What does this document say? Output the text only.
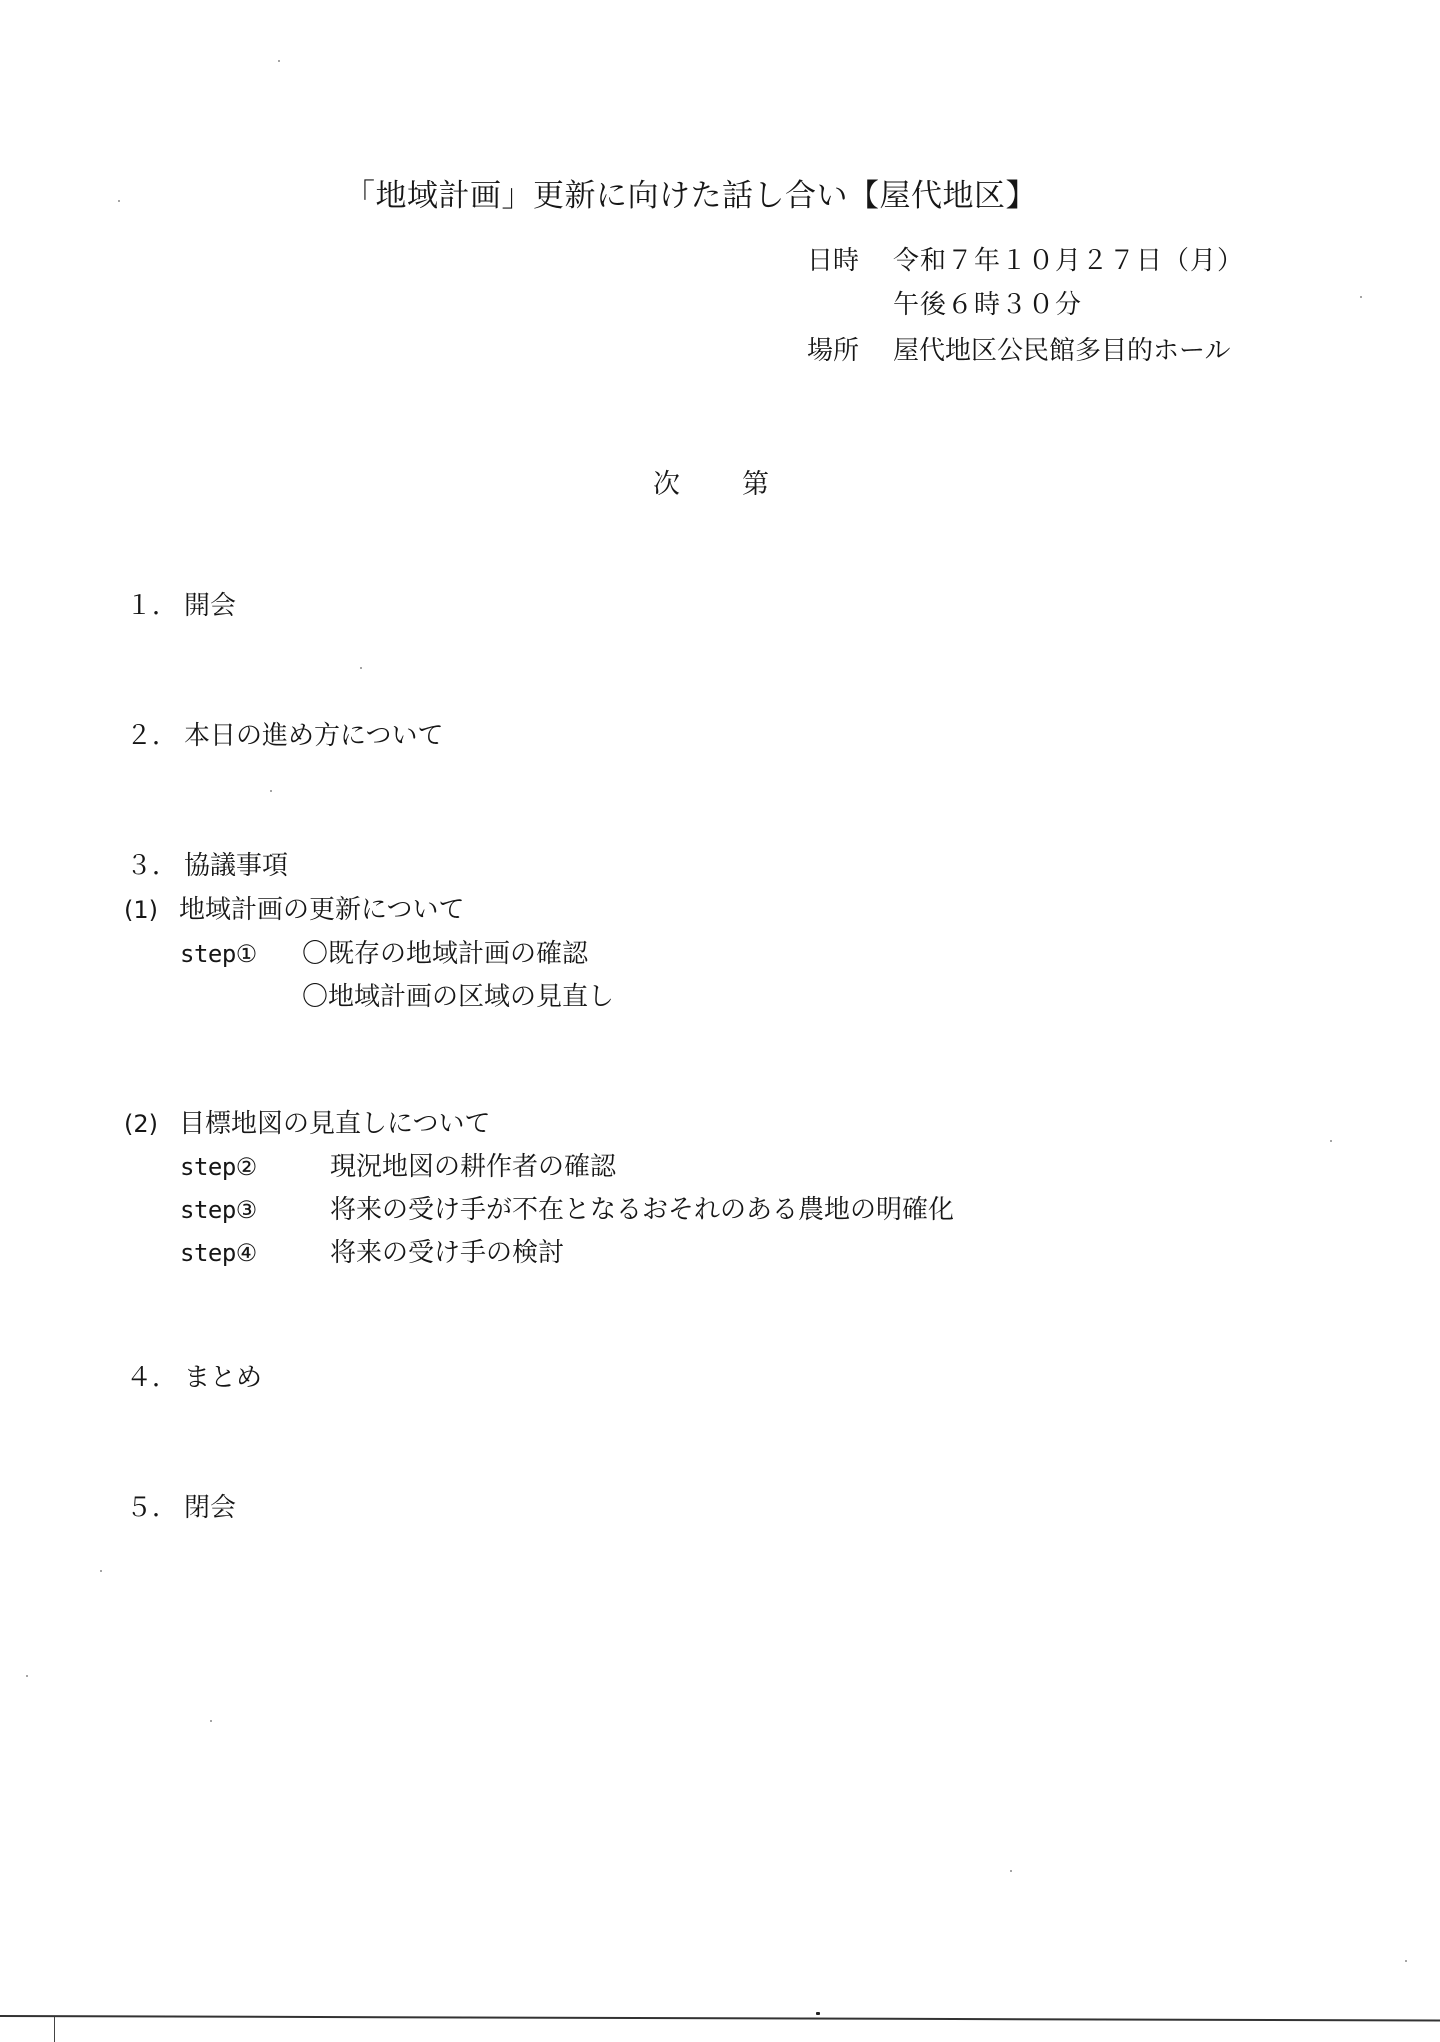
「地域計画」更新に向けた話し合い【屋代地区】
日時 令和７年１０月２７日（月）
午後６時３０分
場所 屋代地区公民館多目的ホール
次 第
１． 開会
２． 本日の進め方について
３． 協議事項
(1) 地域計画の更新について
step① 〇既存の地域計画の確認
〇地域計画の区域の見直し
(2) 目標地図の見直しについて
step②	現況地図の耕作者の確認
step③	将来の受け手が不在となるおそれのある農地の明確化
step④	将来の受け手の検討
４． まとめ
５． 閉会
